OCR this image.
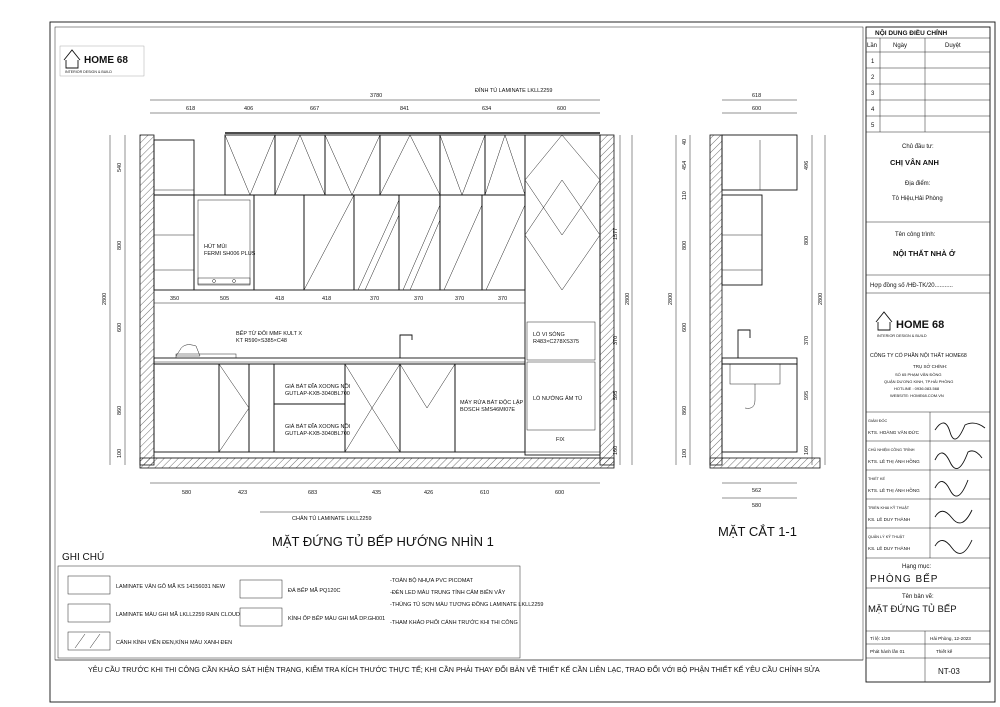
HOME 68
INTERIOR DESIGN & BUILD
HÚT MÙI FERMI SH006 PLUS
LÒ VI SÓNG R483×C278XS375
LÒ NƯỚNG ÂM TỦ
FIX
BẾP TỪ ĐÔI MMF KULT X KT R590×S385×C48
GIÁ BÁT ĐĨA XOONG NỒI GUTLAP-KXB-3040BL700
GIÁ BÁT ĐĨA XOONG NỒI GUTLAP-KXB-3040BL700
MÁY RỬA BÁT ĐỘC LẬP BOSCH SMS46MI07E
3780
618	406	667	841	634	600
ĐỈNH TỦ LAMINATE LKLL2259
350	505	418	418	370	370	370	370
580	423	683	435	426	610	600
CHÂN TỦ LAMINATE LKLL2259
2800
540
800
600
860
100
1577
370
595
160
2800
MẶT ĐỨNG TỦ BẾP HƯỚNG NHÌN 1
618
600
562
580
2800
40
454
110
800
600
860
100
496
800
370
595
160
2800
MẶT CẮT 1-1
GHI CHÚ
LAMINATE VÂN GỖ MÃ KS 14156031 NEW
LAMINATE MÀU GHI MÃ LKLL2259 RAIN CLOUD
CÁNH KÍNH VIỀN ĐEN,KÍNH MÀU XANH ĐEN
ĐÁ BẾP MÃ PQ120C
KÍNH ỐP BẾP MÀU GHI MÃ DP.GH001
-TOÀN BỘ NHỰA PVC PICOMAT
-ĐÈN LED MÀU TRUNG TÍNH CẢM BIẾN VẪY
-THÙNG TỦ SƠN MÀU TƯƠNG ĐỒNG LAMINATE LKLL2259
-THAM KHẢO PHỐI CÁNH TRƯỚC KHI THI CÔNG
YÊU CẦU TRƯỚC KHI THI CÔNG CẦN KHẢO SÁT HIỆN TRẠNG, KIỂM TRA KÍCH THƯỚC THỰC TẾ; KHI CẦN PHẢI THAY ĐỔI BẢN VẼ THIẾT KẾ CẦN LIÊN LẠC, TRAO ĐỔI VỚI BỘ PHẬN THIẾT KẾ YÊU CẦU CHỈNH SỬA
NỘI DUNG ĐIỀU CHỈNH
Lần	Ngày	Duyệt
1
2
3
4
5
Chủ đầu tư:
CHỊ VÂN ANH
Địa điểm:
Tô Hiệu,Hải Phòng
Tên công trình:
NỘI THẤT NHÀ Ở
Hợp đồng số /HĐ-TK/20...........
HOME 68
INTERIOR DESIGN & BUILD
CÔNG TY CỔ PHẦN NỘI THẤT HOME68
TRỤ SỞ CHÍNH:
SỐ 65 PHẠM VĂN ĐỒNG
QUẬN DƯƠNG KINH, TP.HẢI PHÒNG
HOTLINE : 0936.083.568
WEBSITE: HOME68.COM.VN
GIÁM ĐỐC
KTS. HOÀNG VĂN ĐỨC
CHỦ NHIỆM CÔNG TRÌNH
KTS. LÊ THỊ ÁNH HỒNG
THIẾT KẾ
KTS. LÊ THỊ ÁNH HỒNG
TRIỂN KHAI KỸ THUẬT
KS. LÊ DUY THÀNH
QUẢN LÝ KỸ THUẬT
KS. LÊ DUY THÀNH
Hạng mục:
PHÒNG BẾP
Tên bản vẽ:
MẶT ĐỨNG TỦ BẾP
Tỉ lệ: 1/20	Hải Phòng, 12-2023
Phát hành lần 01	Thiết kế
NT-03
